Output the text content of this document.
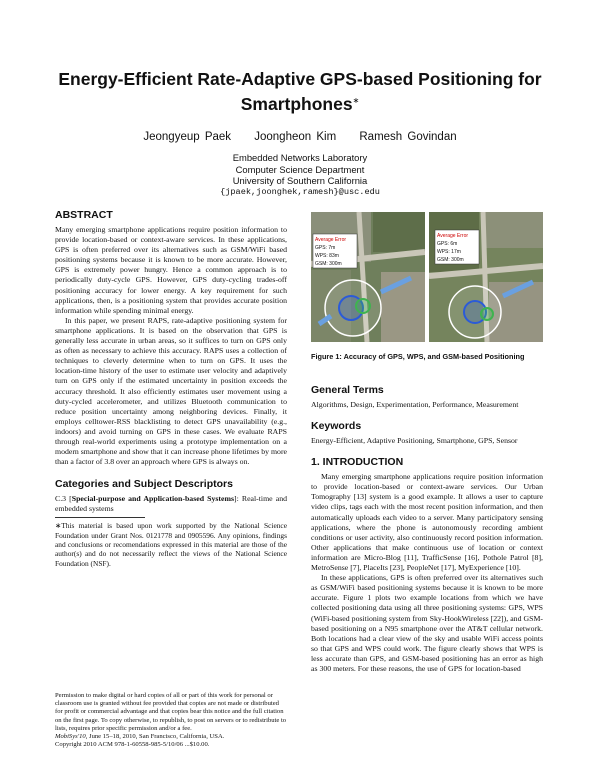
Energy-Efficient Rate-Adaptive GPS-based Positioning for Smartphones∗
Jeongyeup Paek Joongheon Kim Ramesh Govindan
Embedded Networks Laboratory
Computer Science Department
University of Southern California
{jpaek,joonghek,ramesh}@usc.edu
ABSTRACT

Many emerging smartphone applications require position information to provide location-based or context-aware services. In these applications, GPS is often preferred over its alternatives such as GSM/WiFi based positioning systems because it is known to be more accurate. However, GPS is extremely power hungry. Hence a common approach is to periodically duty-cycle GPS. However, GPS duty-cycling trades-off positioning accuracy for lower energy. A key requirement for such applications, then, is a positioning system that provides accurate position information while spending minimal energy.

In this paper, we present RAPS, rate-adaptive positioning system for smartphone applications. It is based on the observation that GPS is generally less accurate in urban areas, so it suffices to turn on GPS only as often as necessary to achieve this accuracy. RAPS uses a collection of techniques to cleverly determine when to turn on GPS. It uses the location-time history of the user to estimate user velocity and adaptively turn on GPS only if the estimated uncertainty in position exceeds the accuracy threshold. It also efficiently estimates user movement using a duty-cycled accelerometer, and utilizes Bluetooth communication to reduce position uncertainty among neighboring devices. Finally, it employs celltower-RSS blacklisting to detect GPS unavailability (e.g., indoors) and avoid turning on GPS in these cases. We evaluate RAPS through real-world experiments using a prototype implementation on a modern smartphone and show that it can increase phone lifetimes by more than a factor of 3.8 over an approach where GPS is always on.

Categories and Subject Descriptors

C.3 [Special-purpose and Application-based Systems]: Real-time and embedded systems

∗This material is based upon work supported by the National Science Foundation under Grant Nos. 0121778 and 0905596. Any opinions, findings and conclusions or recomendations expressed in this material are those of the author(s) and do not necessarily reflect the views of the National Science Foundation (NSF).

Permission to make digital or hard copies of all or part of this work for personal or classroom use is granted without fee provided that copies are not made or distributed for profit or commercial advantage and that copies bear this notice and the full citation on the first page. To copy otherwise, to republish, to post on servers or to redistribute to lists, requires prior specific permission and/or a fee.

MobiSys'10, June 15–18, 2010, San Francisco, California, USA.

Copyright 2010 ACM 978-1-60558-985-5/10/06 ...$10.00.

Average Error
GPS: 7m
WPS: 83m
GSM: 300m
Average Error
GPS: 6m
WPS: 17m
GSM: 300m
Figure 1: Accuracy of GPS, WPS, and GSM-based Positioning
General Terms

Algorithms, Design, Experimentation, Performance, Measurement

Keywords

Energy-Efficient, Adaptive Positioning, Smartphone, GPS, Sensor

1. INTRODUCTION

Many emerging smartphone applications require position information to provide location-based or context-aware services. Our Urban Tomography [13] system is a good example. It allows a user to capture video clips, tags each with the most recent position information, and then automatically uploads each video to a server. Many participatory sensing applications, where the phone is autonomously recording ambient conditions or user activity, also continuously record position information. Other applications that make continuous use of location or context information are Micro-Blog [11], TrafficSense [16], Pothole Patrol [8], MetroSense [7], PlaceIts [23], PeopleNet [17], MyExperience [10].

In these applications, GPS is often preferred over its alternatives such as GSM/WiFi based positioning systems because it is known to be more accurate. Figure 1 plots two example locations from which we have collected positioning data using all three positioning systems: GPS, WPS (WiFi-based positioning system from Sky-HookWireless [22]), and GSM-based positioning on a N95 smartphone over the AT&T cellular network. Both locations had a clear view of the sky and usable WiFi access points so that GPS and WPS could work. The figure clearly shows that WPS is less accurate than GPS, and GSM-based positioning has an error as high as 300 meters. For these reasons, the use of GPS for location-based
